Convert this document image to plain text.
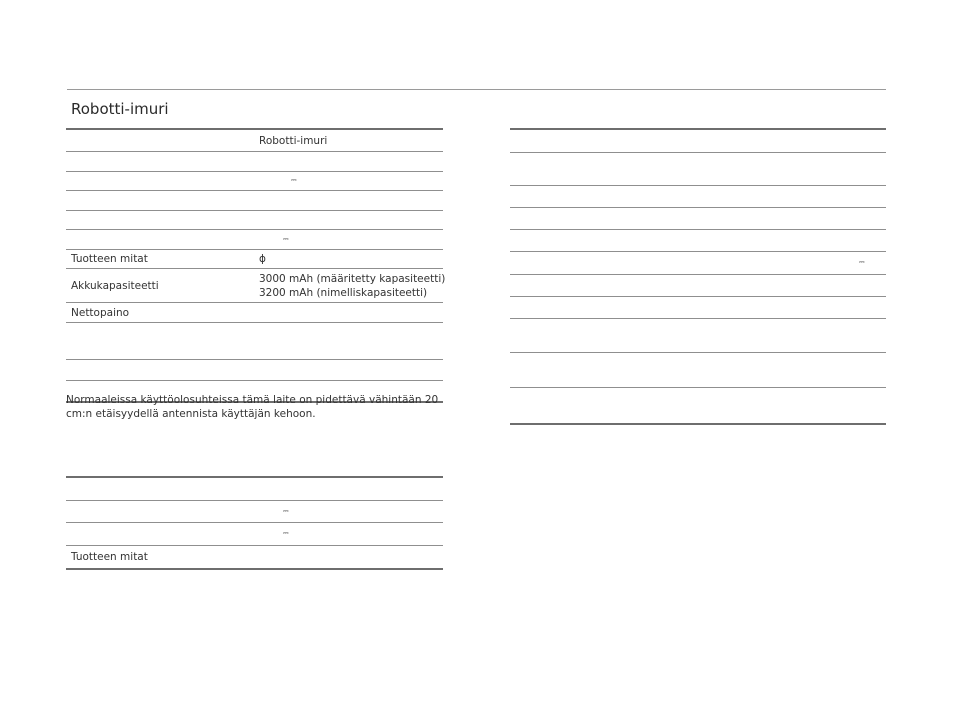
Robotti-imuri
Robotti-imuri
⎓
⎓
Tuotteen mitat	ϕ
Akkukapasiteetti
3000 mAh (määritetty kapasiteetti)
3200 mAh (nimelliskapasiteetti)
Nettopaino
Normaaleissa käyttöolosuhteissa tämä laite on pidettävä vähintään 20 cm:n etäisyydellä antennista käyttäjän kehoon.
⎓
⎓
Tuotteen mitat
⎓
